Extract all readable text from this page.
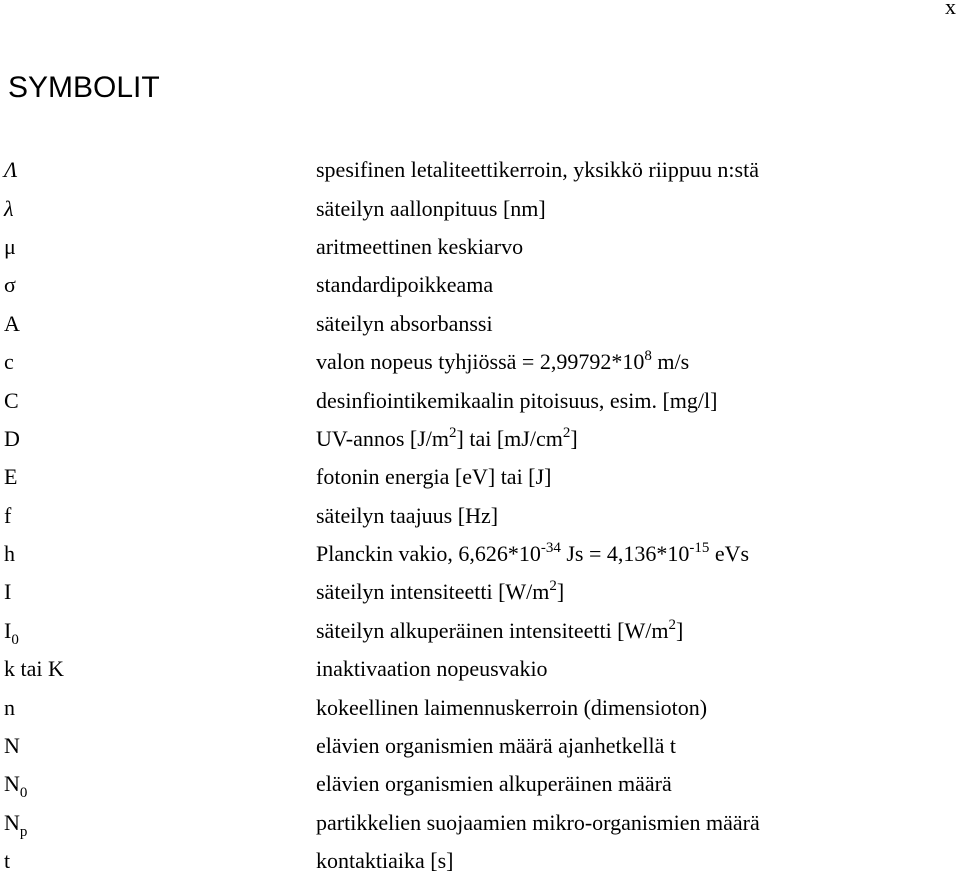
x
SYMBOLIT
Λ	spesifinen letaliteettikerroin, yksikkö riippuu n:stä
λ	säteilyn aallonpituus [nm]
μ	aritmeettinen keskiarvo
σ	standardipoikkeama
A	säteilyn absorbanssi
c	valon nopeus tyhjiössä = $2,99792*10^8$ m/s
C	desinfiointikemikaalin pitoisuus, esim. [mg/l]
D	UV-annos $[J/m^2]$ tai $[mJ/cm^2]$
E	fotonin energia [eV] tai [J]
f	säteilyn taajuus [Hz]
h	Planckin vakio, $6,626*10^{-34}$ $Js = 4,136*10^{-15}$ eVs
I	säteilyn intensiteetti $[W/m^2]$
$I_0$	säteilyn alkuperäinen intensiteetti $[W/m^2]$
k tai K	inaktivaation nopeusvakio
n	kokeellinen laimennuskerroin (dimensioton)
N	elävien organismien määrä ajanhetkellä t
$N_0$	elävien organismien alkuperäinen määrä
$N_p$	partikkelien suojaamien mikro-organismien määrä
t	kontaktiaika [s]
